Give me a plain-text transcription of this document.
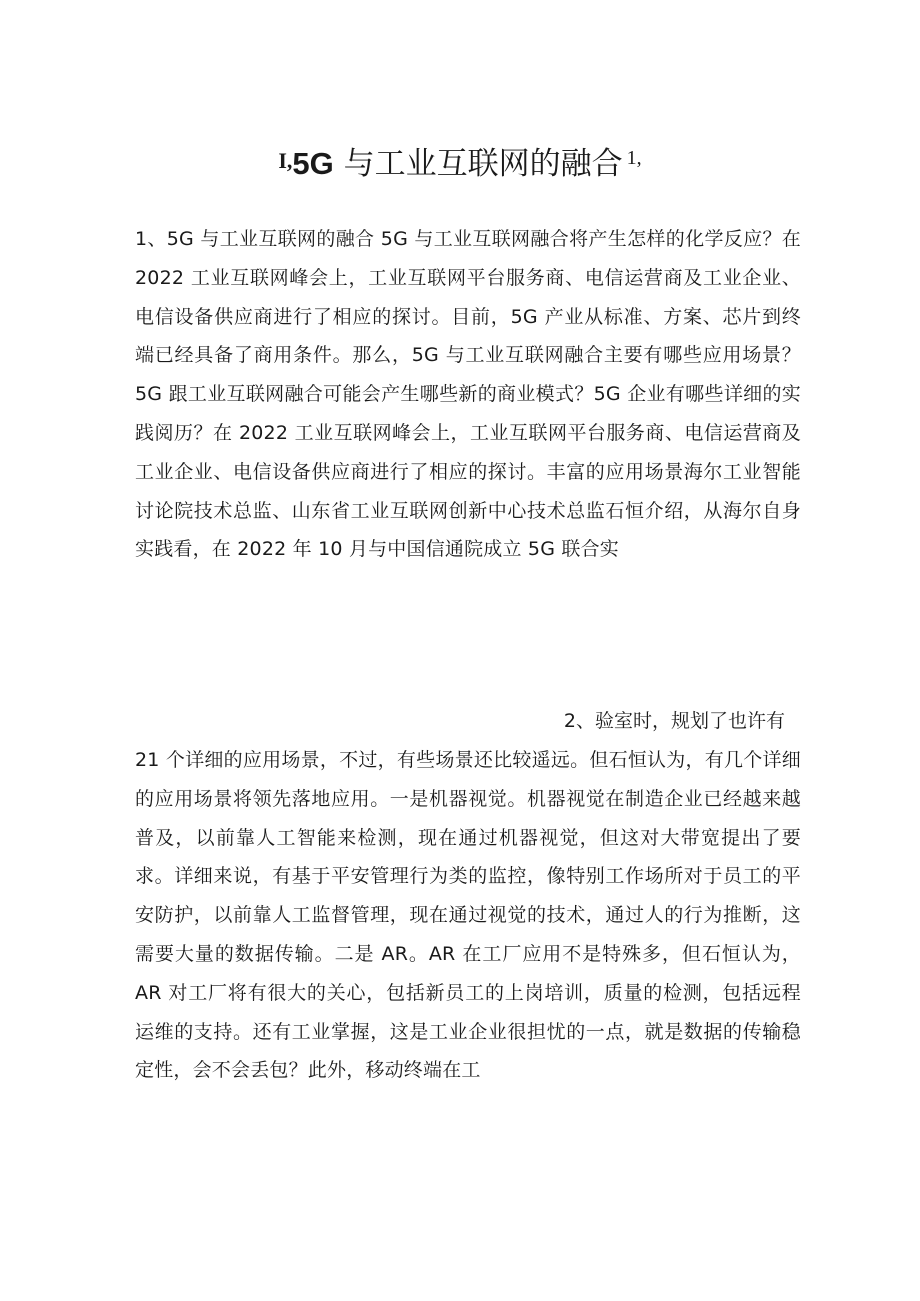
I,5G 与工业互联网的融合 $^{1,}$

1、5G 与工业互联网的融合 5G 与工业互联网融合将产生怎样的化学反应？在 2022 工业互联网峰会上，工业互联网平台服务商、电信运营商及工业企业、电信设备供应商进行了相应的探讨。目前，5G 产业从标准、方案、芯片到终端已经具备了商用条件。那么，5G 与工业互联网融合主要有哪些应用场景？5G 跟工业互联网融合可能会产生哪些新的商业模式？5G 企业有哪些详细的实践阅历？在 2022 工业互联网峰会上，工业互联网平台服务商、电信运营商及工业企业、电信设备供应商进行了相应的探讨。丰富的应用场景海尔工业智能讨论院技术总监、山东省工业互联网创新中心技术总监石恒介绍，从海尔自身实践看，在 2022 年 10 月与中国信通院成立 5G 联合实

2、验室时，规划了也许有

21 个详细的应用场景，不过，有些场景还比较遥远。但石恒认为，有几个详细的应用场景将领先落地应用。一是机器视觉。机器视觉在制造企业已经越来越普及，以前靠人工智能来检测，现在通过机器视觉，但这对大带宽提出了要求。详细来说，有基于平安管理行为类的监控，像特别工作场所对于员工的平安防护，以前靠人工监督管理，现在通过视觉的技术，通过人的行为推断，这需要大量的数据传输。二是 AR。AR 在工厂应用不是特殊多，但石恒认为，AR 对工厂将有很大的关心，包括新员工的上岗培训，质量的检测，包括远程运维的支持。还有工业掌握，这是工业企业很担忧的一点，就是数据的传输稳定性，会不会丢包？此外，移动终端在工
